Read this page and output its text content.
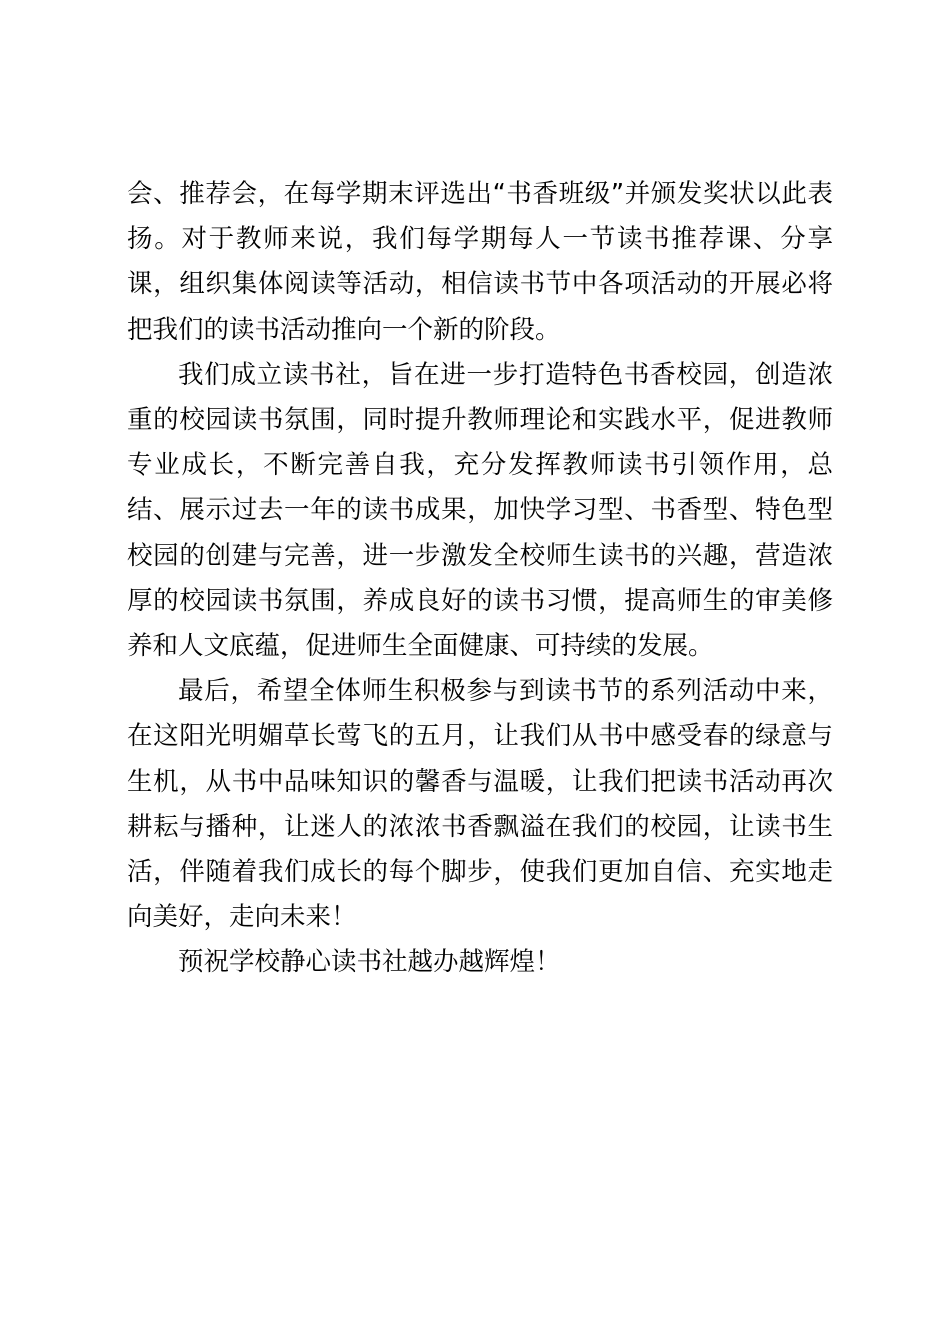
会、推荐会，在每学期末评选出“书香班级”并颁发奖状以此表扬。对于教师来说，我们每学期每人一节读书推荐课、分享课，组织集体阅读等活动，相信读书节中各项活动的开展必将把我们的读书活动推向一个新的阶段。

我们成立读书社，旨在进一步打造特色书香校园，创造浓重的校园读书氛围，同时提升教师理论和实践水平，促进教师专业成长，不断完善自我，充分发挥教师读书引领作用，总结、展示过去一年的读书成果，加快学习型、书香型、特色型校园的创建与完善，进一步激发全校师生读书的兴趣，营造浓厚的校园读书氛围，养成良好的读书习惯，提高师生的审美修养和人文底蕴，促进师生全面健康、可持续的发展。

最后，希望全体师生积极参与到读书节的系列活动中来，在这阳光明媚草长莺飞的五月，让我们从书中感受春的绿意与生机，从书中品味知识的馨香与温暖，让我们把读书活动再次耕耘与播种，让迷人的浓浓书香飘溢在我们的校园，让读书生活，伴随着我们成长的每个脚步，使我们更加自信、充实地走向美好，走向未来！

预祝学校静心读书社越办越辉煌！
